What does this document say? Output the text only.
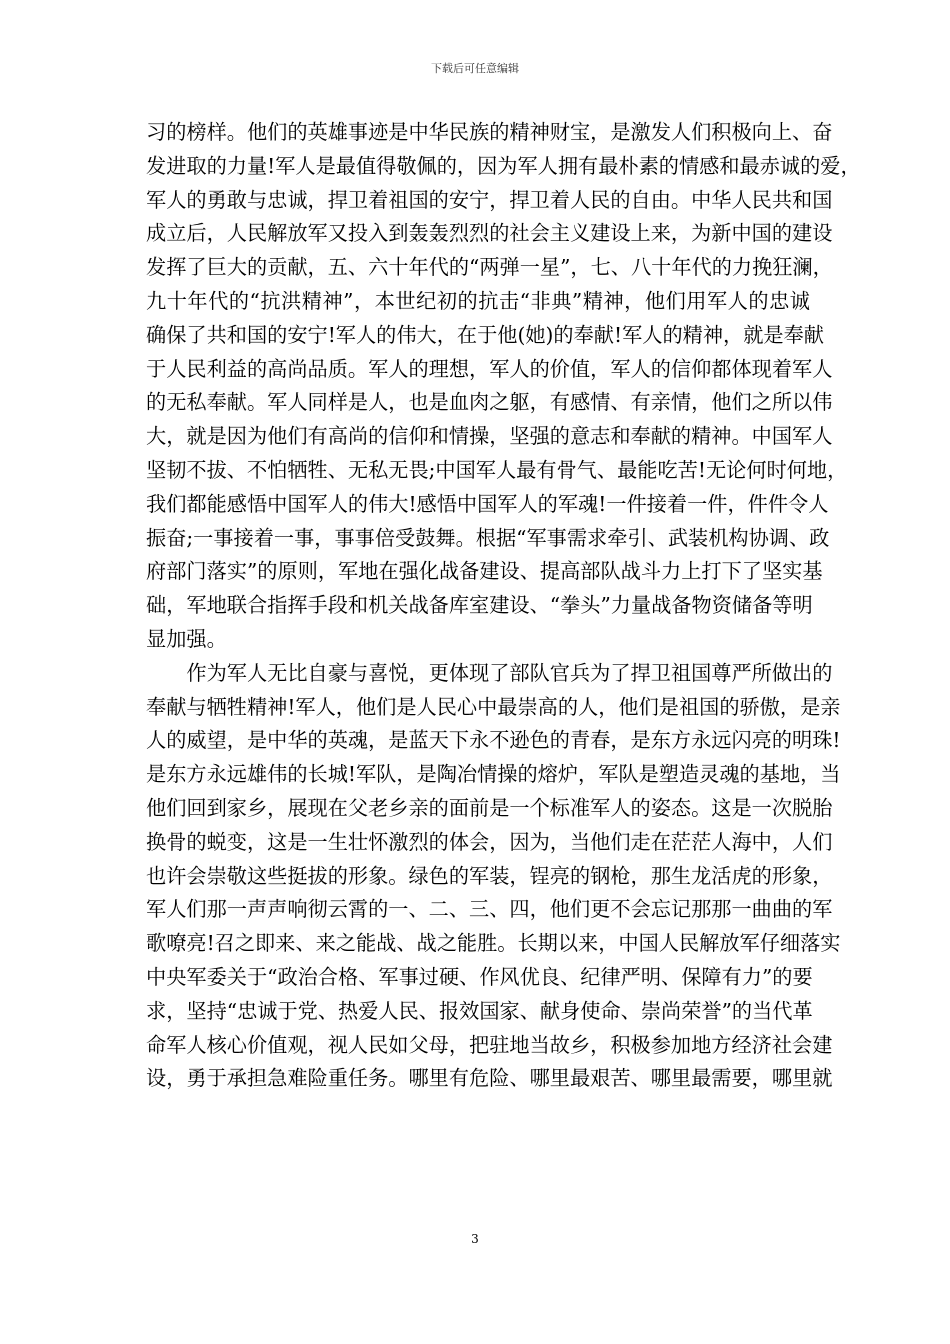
下载后可任意编辑
习的榜样。他们的英雄事迹是中华民族的精神财宝，是激发人们积极向上、奋
发进取的力量!军人是最值得敬佩的，因为军人拥有最朴素的情感和最赤诚的爱，
军人的勇敢与忠诚，捍卫着祖国的安宁，捍卫着人民的自由。中华人民共和国
成立后，人民解放军又投入到轰轰烈烈的社会主义建设上来，为新中国的建设
发挥了巨大的贡献，五、六十年代的“两弹一星”，七、八十年代的力挽狂澜，
九十年代的“抗洪精神”，本世纪初的抗击“非典”精神，他们用军人的忠诚
确保了共和国的安宁!军人的伟大，在于他(她)的奉献!军人的精神，就是奉献
于人民利益的高尚品质。军人的理想，军人的价值，军人的信仰都体现着军人
的无私奉献。军人同样是人，也是血肉之躯，有感情、有亲情，他们之所以伟
大，就是因为他们有高尚的信仰和情操，坚强的意志和奉献的精神。中国军人
坚韧不拔、不怕牺牲、无私无畏;中国军人最有骨气、最能吃苦!无论何时何地，
我们都能感悟中国军人的伟大!感悟中国军人的军魂!一件接着一件，件件令人
振奋;一事接着一事，事事倍受鼓舞。根据“军事需求牵引、武装机构协调、政
府部门落实”的原则，军地在强化战备建设、提高部队战斗力上打下了坚实基
础，军地联合指挥手段和机关战备库室建设、“拳头”力量战备物资储备等明
显加强。
　　作为军人无比自豪与喜悦，更体现了部队官兵为了捍卫祖国尊严所做出的
奉献与牺牲精神!军人，他们是人民心中最崇高的人，他们是祖国的骄傲，是亲
人的威望，是中华的英魂，是蓝天下永不逊色的青春，是东方永远闪亮的明珠!
是东方永远雄伟的长城!军队，是陶冶情操的熔炉，军队是塑造灵魂的基地，当
他们回到家乡，展现在父老乡亲的面前是一个标准军人的姿态。这是一次脱胎
换骨的蜕变，这是一生壮怀激烈的体会，因为，当他们走在茫茫人海中，人们
也许会崇敬这些挺拔的形象。绿色的军装，锃亮的钢枪，那生龙活虎的形象，
军人们那一声声响彻云霄的一、二、三、四，他们更不会忘记那那一曲曲的军
歌嘹亮!召之即来、来之能战、战之能胜。长期以来，中国人民解放军仔细落实
中央军委关于“政治合格、军事过硬、作风优良、纪律严明、保障有力”的要
求，坚持“忠诚于党、热爱人民、报效国家、献身使命、崇尚荣誉”的当代革
命军人核心价值观，视人民如父母，把驻地当故乡，积极参加地方经济社会建
设，勇于承担急难险重任务。哪里有危险、哪里最艰苦、哪里最需要，哪里就
3
